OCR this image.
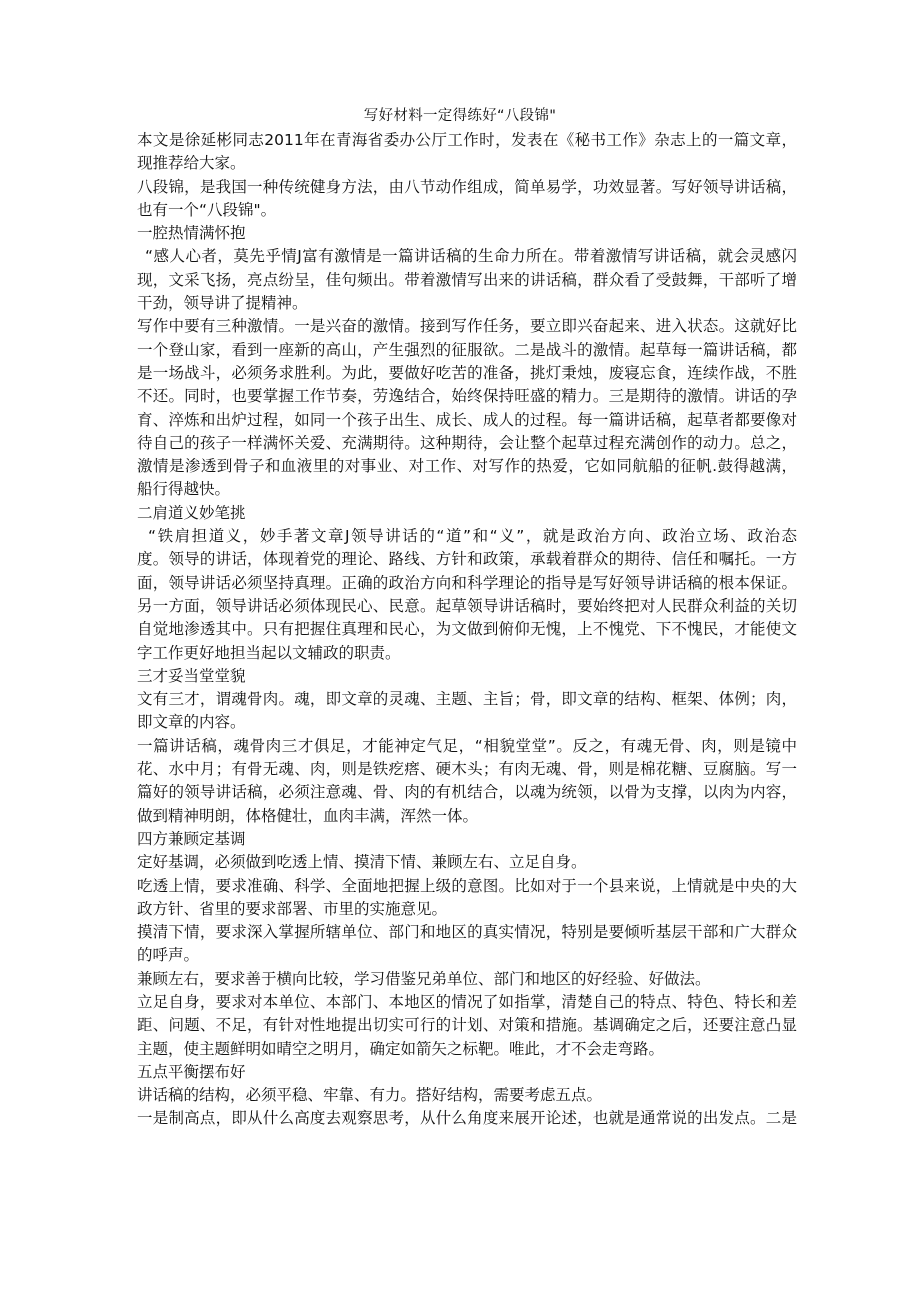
写好材料一定得练好“八段锦"
本文是徐延彬同志2011年在青海省委办公厅工作时，发表在《秘书工作》杂志上的一篇文章，
现推荐给大家。
八段锦，是我国一种传统健身方法，由八节动作组成，简单易学，功效显著。写好领导讲话稿，
也有一个“八段锦"。
一腔热情满怀抱
“感人心者，莫先乎情J富有激情是一篇讲话稿的生命力所在。带着激情写讲话稿，就会灵感闪
现，文采飞扬，亮点纷呈，佳句频出。带着激情写出来的讲话稿，群众看了受鼓舞，干部听了增
干劲，领导讲了提精神。
写作中要有三种激情。一是兴奋的激情。接到写作任务，要立即兴奋起来、进入状态。这就好比
一个登山家，看到一座新的高山，产生强烈的征服欲。二是战斗的激情。起草每一篇讲话稿，都
是一场战斗，必须务求胜利。为此，要做好吃苦的准备，挑灯秉烛，废寝忘食，连续作战，不胜
不还。同时，也要掌握工作节奏，劳逸结合，始终保持旺盛的精力。三是期待的激情。讲话的孕
育、淬炼和出炉过程，如同一个孩子出生、成长、成人的过程。每一篇讲话稿，起草者都要像对
待自己的孩子一样满怀关爱、充满期待。这种期待，会让整个起草过程充满创作的动力。总之，
激情是渗透到骨子和血液里的对事业、对工作、对写作的热爱，它如同航船的征帆.鼓得越满，
船行得越快。
二肩道义妙笔挑
“铁肩担道义，妙手著文章J领导讲话的“道”和“义”，就是政治方向、政治立场、政治态
度。领导的讲话，体现着党的理论、路线、方针和政策，承载着群众的期待、信任和嘱托。一方
面，领导讲话必须坚持真理。正确的政治方向和科学理论的指导是写好领导讲话稿的根本保证。
另一方面，领导讲话必须体现民心、民意。起草领导讲话稿时，要始终把对人民群众利益的关切
自觉地渗透其中。只有把握住真理和民心，为文做到俯仰无愧，上不愧党、下不愧民，才能使文
字工作更好地担当起以文辅政的职责。
三才妥当堂堂貌
文有三才，谓魂骨肉。魂，即文章的灵魂、主题、主旨；骨，即文章的结构、框架、体例；肉，
即文章的内容。
一篇讲话稿，魂骨肉三才俱足，才能神定气足，“相貌堂堂”。反之，有魂无骨、肉，则是镜中
花、水中月；有骨无魂、肉，则是铁疙瘩、硬木头；有肉无魂、骨，则是棉花糖、豆腐脑。写一
篇好的领导讲话稿，必须注意魂、骨、肉的有机结合，以魂为统领，以骨为支撑，以肉为内容，
做到精神明朗，体格健壮，血肉丰满，浑然一体。
四方兼顾定基调
定好基调，必须做到吃透上情、摸清下情、兼顾左右、立足自身。
吃透上情，要求准确、科学、全面地把握上级的意图。比如对于一个县来说，上情就是中央的大
政方针、省里的要求部署、市里的实施意见。
摸清下情，要求深入掌握所辖单位、部门和地区的真实情况，特别是要倾听基层干部和广大群众
的呼声。
兼顾左右，要求善于横向比较，学习借鉴兄弟单位、部门和地区的好经验、好做法。
立足自身，要求对本单位、本部门、本地区的情况了如指掌，清楚自己的特点、特色、特长和差
距、问题、不足，有针对性地提出切实可行的计划、对策和措施。基调确定之后，还要注意凸显
主题，使主题鲜明如晴空之明月，确定如箭矢之标靶。唯此，才不会走弯路。
五点平衡摆布好
讲话稿的结构，必须平稳、牢靠、有力。搭好结构，需要考虑五点。
一是制高点，即从什么高度去观察思考，从什么角度来展开论述，也就是通常说的出发点。二是
